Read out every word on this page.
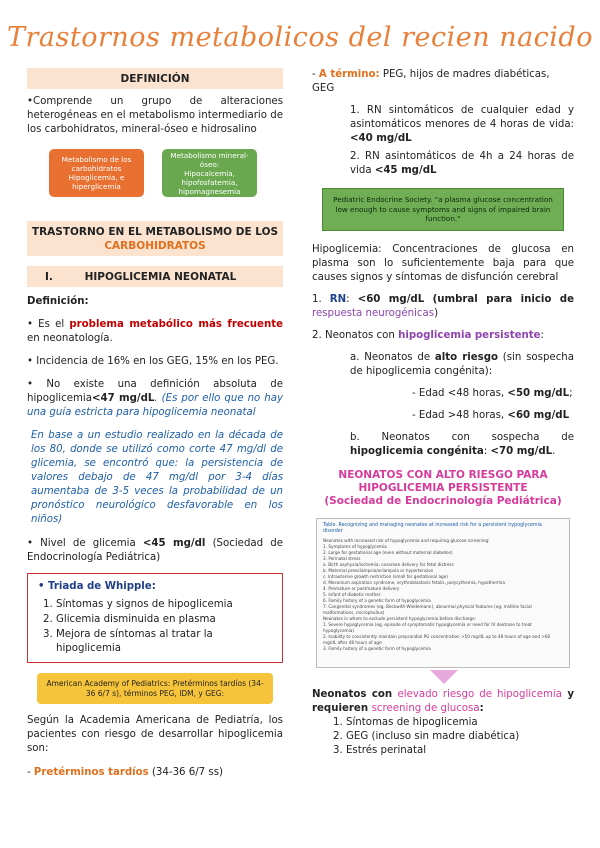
Trastornos metabolicos del recien nacido
DEFINICIÓN
•Comprende un grupo de alteraciones heterogéneas en el metabolismo intermediario de los carbohidratos, mineral-óseo e hidrosalino
Metabolismo de los
carbohidratos
Hipoglicemia, e
hiperglicemia
Metabolismo mineral-óseo:
Hipocalcemia,
hipofosfatemia,
hipomagnesemia
TRASTORNO EN EL METABOLISMO DE LOS
CARBOHIDRATOS
I.	HIPOGLICEMIA NEONATAL
Definición:
• Es el problema metabólico más frecuente en neonatología.
• Incidencia de 16% en los GEG, 15% en los PEG.
• No existe una definición absoluta de hipoglicemia<47 mg/dL. (Es por ello que no hay una guía estricta para hipoglicemia neonatal
En base a un estudio realizado en la década de los 80, donde se utilizó como corte 47 mg/dl de glicemia, se encontró que: la persistencia de valores debajo de 47 mg/dl por 3-4 días aumentaba de 3-5 veces la probabilidad de un pronóstico neurológico desfavorable en los niños)
• Nivel de glicemia <45 mg/dl (Sociedad de Endocrinología Pediátrica)
• Triada de Whipple:
1. Síntomas y signos de hipoglicemia
2. Glicemia disminuida en plasma
3. Mejora de síntomas al tratar la hipoglicemia
American Academy of Pediatrics: Pretérminos tardíos (34-36 6/7 s), términos PEG, IDM, y GEG:
Según la Academia Americana de Pediatría, los pacientes con riesgo de desarrollar hipoglicemia son:
- Pretérminos tardíos (34-36 6/7 ss)
- A término: PEG, hijos de madres diabéticas, GEG
1. RN sintomáticos de cualquier edad y asintomáticos menores de 4 horas de vida: <40 mg/dL
2. RN asintomáticos de 4h a 24 horas de vida <45 mg/dL
Pediatric Endocrine Society. "a plasma glucose concentration low enough to cause symptoms and signs of impaired brain function."
Hipoglicemia: Concentraciones de glucosa en plasma son lo suficientemente baja para que causes signos y síntomas de disfunción cerebral
1. RN: <60 mg/dL (umbral para inicio de respuesta neurogénicas)
2. Neonatos con hipoglicemia persistente:
a. Neonatos de alto riesgo (sin sospecha de hipoglicemia congénita):
- Edad <48 horas, <50 mg/dL;
- Edad >48 horas, <60 mg/dL
b. Neonatos con sospecha de hipoglicemia congénita: <70 mg/dL.
NEONATOS CON ALTO RIESGO PARA
HIPOGLICEMIA PERSISTENTE
(Sociedad de Endocrinología Pediátrica)
Table. Recognizing and managing neonates at increased risk for a persistent hypoglycemia disorder
Neonates with increased risk of hypoglycemia and requiring glucose screening:
1. Symptoms of hypoglycemia
2. Large for gestational age (even without maternal diabetes)
3. Perinatal stress
a. Birth asphyxia/ischemia; cesarean delivery for fetal distress
b. Maternal preeclampsia/eclampsia or hypertension
c. Intrauterine growth restriction (small for gestational age)
d. Meconium aspiration syndrome, erythroblastosis fetalis, polycythemia, hypothermia
4. Premature or postmature delivery
5. Infant of diabetic mother
6. Family history of a genetic form of hypoglycemia
7. Congenital syndromes (eg, Beckwith-Wiedemann), abnormal physical features (eg, midline facial malformations, microphallus)
Neonates in whom to exclude persistent hypoglycemia before discharge:
1. Severe hypoglycemia (eg, episode of symptomatic hypoglycemia or need for IV dextrose to treat hypoglycemia)
2. Inability to consistently maintain preprandial PG concentration >50 mg/dL up to 48 hours of age and >60 mg/dL after 48 hours of age
3. Family history of a genetic form of hypoglycemia
Neonatos con elevado riesgo de hipoglicemia y requieren screening de glucosa:
1. Síntomas de hipoglicemia
2. GEG (incluso sin madre diabética)
3. Estrés perinatal
